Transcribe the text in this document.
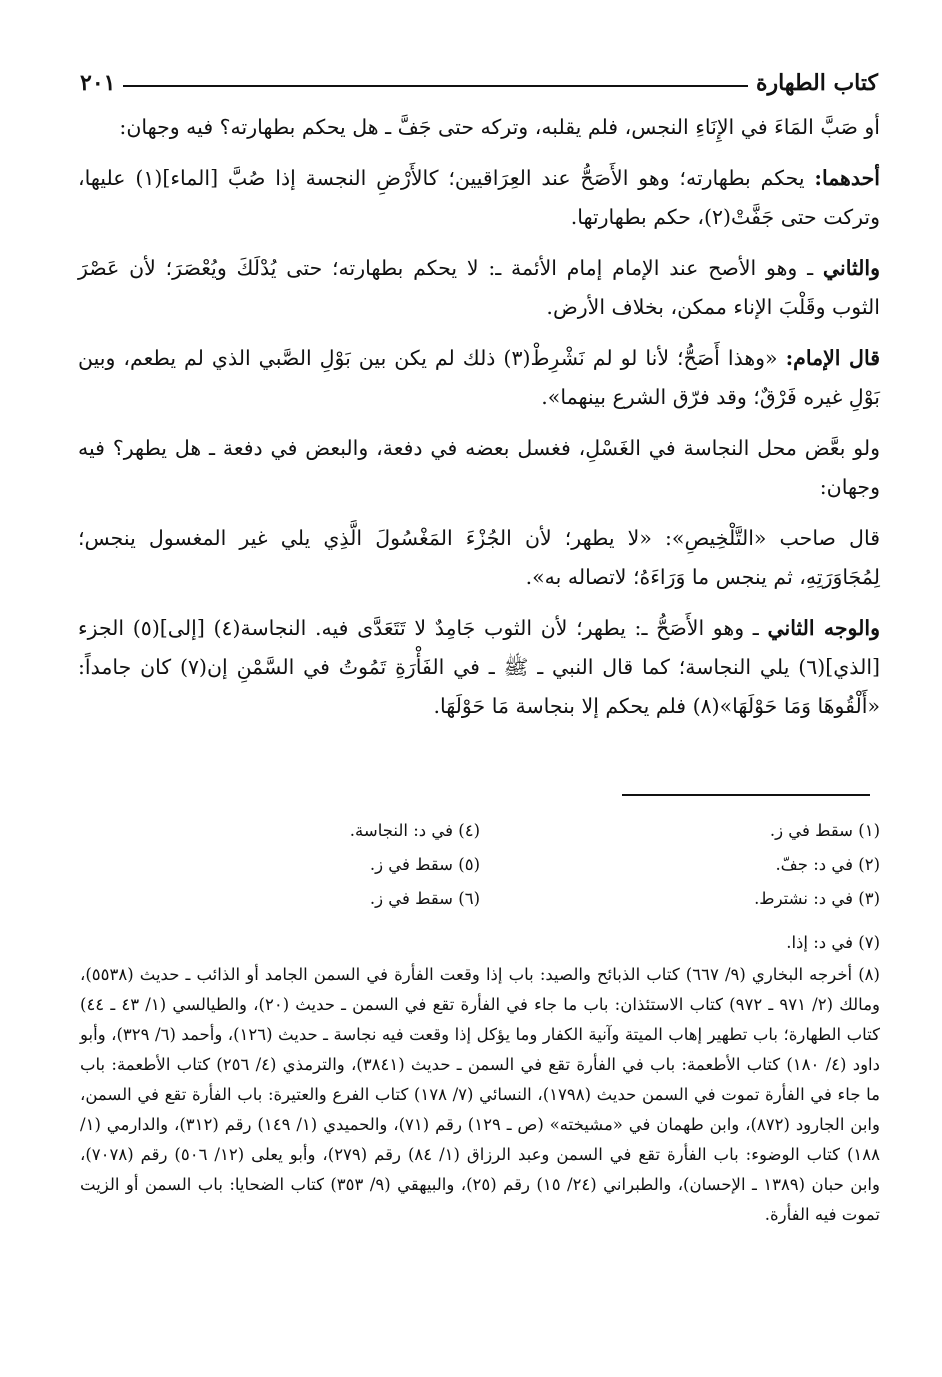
كتاب الطهارة
٢٠١

أو صَبَّ المَاءَ في الإِنَاءِ النجس، فلم يقلبه، وتركه حتى جَفَّ ـ هل يحكم بطهارته؟ فيه وجهان:

أحدهما: يحكم بطهارته؛ وهو الأَصَحُّ عند العِرَاقيين؛ كالأَرْضِ النجسة إذا صُبَّ [الماء](١) عليها، وتركت حتى جَفَّتْ(٢)، حكم بطهارتها.

والثاني ـ وهو الأصح عند الإمام إمام الأئمة ـ: لا يحكم بطهارته؛ حتى يُدْلَكَ ويُعْصَرَ؛ لأن عَصْرَ الثوب وقَلْبَ الإناء ممكن، بخلاف الأرض.

قال الإمام: «وهذا أَصَحُّ؛ لأنا لو لم نَشْرِطْ(٣) ذلك لم يكن بين بَوْلِ الصَّبي الذي لم يطعم، وبين بَوْلِ غيره فَرْقٌ؛ وقد فرّق الشرع بينهما».

ولو بعَّض محل النجاسة في الغَسْلِ، فغسل بعضه في دفعة، والبعض في دفعة ـ هل يطهر؟ فيه وجهان:

قال صاحب «التَّلْخِيصِ»: «لا يطهر؛ لأن الجُزْءَ المَغْسُولَ الَّذِي يلي غير المغسول ينجس؛ لِمُجَاوَرَتِهِ، ثم ينجس ما وَرَاءَهُ؛ لاتصاله به».

والوجه الثاني ـ وهو الأَصَحُّ ـ: يطهر؛ لأن الثوب جَامِدٌ لا تَتَعَدَّى فيه. النجاسة(٤) [إلى](٥) الجزء [الذي](٦) يلي النجاسة؛ كما قال النبي ـ ﷺ ـ في الفَأْرَةِ تَمُوتُ في السَّمْنِ إن(٧) كان جامداً: «أَلْقُوهَا وَمَا حَوْلَهَا»(٨) فلم يحكم إلا بنجاسة مَا حَوْلَهَا.

(١) سقط في ز.
(٢) في د: جفّ.
(٣) في د: نشترط.
(٤) في د: النجاسة.
(٥) سقط في ز.
(٦) سقط في ز.
(٧) في د: إذا.
(٨) أخرجه البخاري (٩/ ٦٦٧) كتاب الذبائح والصيد: باب إذا وقعت الفأرة في السمن الجامد أو الذائب ـ حديث (٥٥٣٨)، ومالك (٢/ ٩٧١ ـ ٩٧٢) كتاب الاستئذان: باب ما جاء في الفأرة تقع في السمن ـ حديث (٢٠)، والطيالسي (١/ ٤٣ ـ ٤٤) كتاب الطهارة؛ باب تطهير إهاب الميتة وآنية الكفار وما يؤكل إذا وقعت فيه نجاسة ـ حديث (١٢٦)، وأحمد (٦/ ٣٢٩)، وأبو داود (٤/ ١٨٠) كتاب الأطعمة: باب في الفأرة تقع في السمن ـ حديث (٣٨٤١)، والترمذي (٤/ ٢٥٦) كتاب الأطعمة: باب ما جاء في الفأرة تموت في السمن حديث (١٧٩٨)، النسائي (٧/ ١٧٨) كتاب الفرع والعتيرة: باب الفأرة تقع في السمن، وابن الجارود (٨٧٢)، وابن طهمان في «مشيخته» (ص ـ ١٢٩) رقم (٧١)، والحميدي (١/ ١٤٩) رقم (٣١٢)، والدارمي (١/ ١٨٨) كتاب الوضوء: باب الفأرة تقع في السمن وعبد الرزاق (١/ ٨٤) رقم (٢٧٩)، وأبو يعلى (١٢/ ٥٠٦) رقم (٧٠٧٨)، وابن حبان (١٣٨٩ ـ الإحسان)، والطبراني (٢٤/ ١٥) رقم (٢٥)، والبيهقي (٩/ ٣٥٣) كتاب الضحايا: باب السمن أو الزيت تموت فيه الفأرة.
